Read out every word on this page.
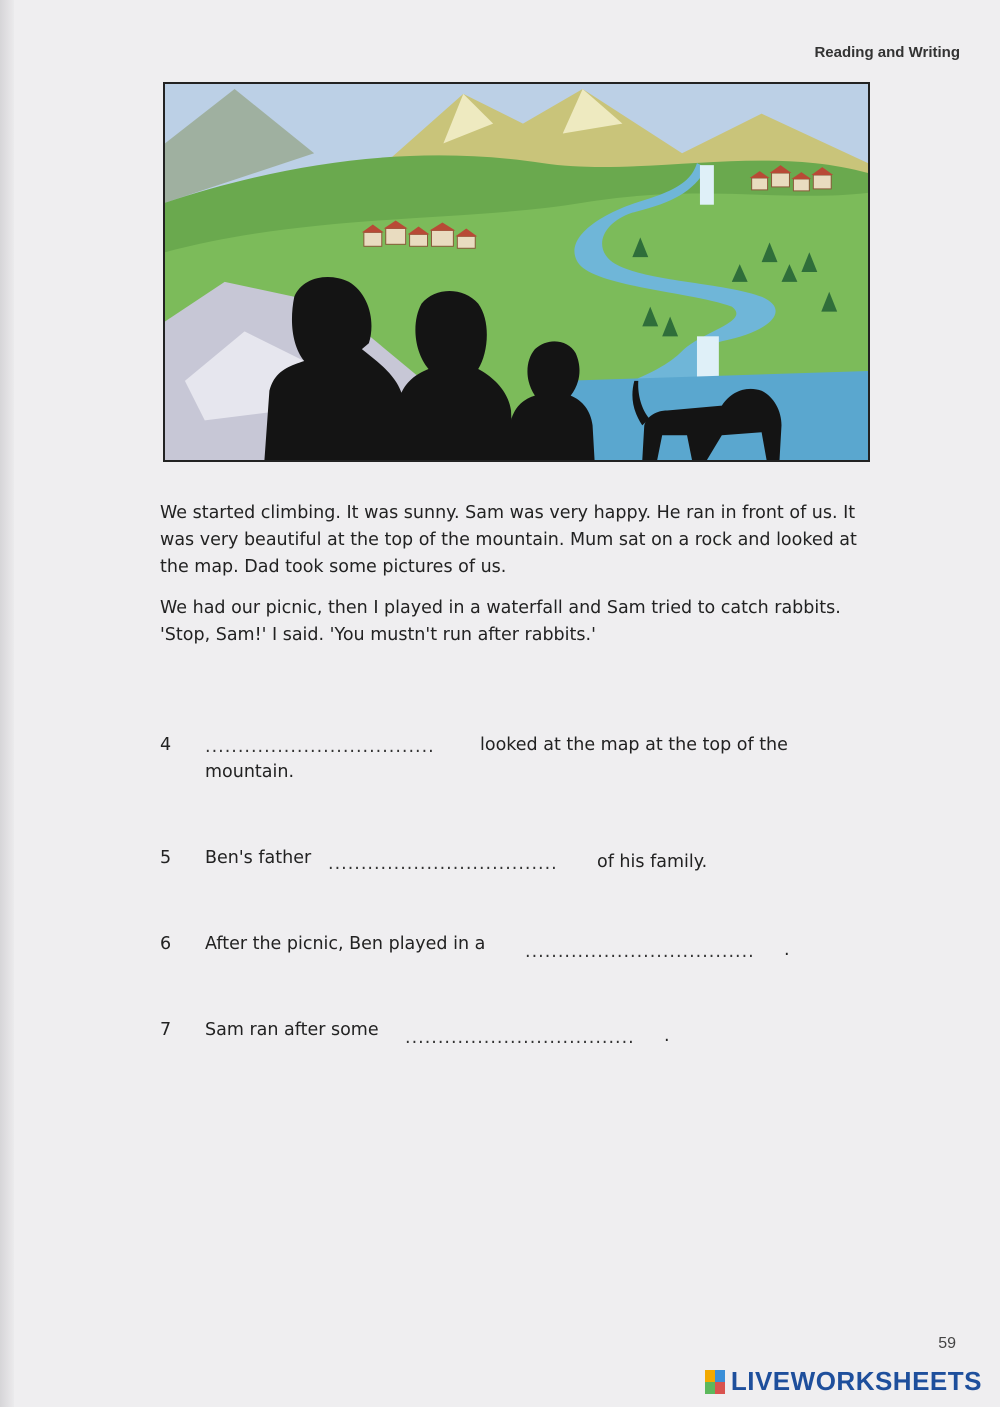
Reading and Writing

We started climbing. It was sunny. Sam was very happy. He ran in front of us. It was very beautiful at the top of the mountain. Mum sat on a rock and looked at the map. Dad took some pictures of us.

We had our picnic, then I played in a waterfall and Sam tried to catch rabbits. 'Stop, Sam!' I said. 'You mustn't run after rabbits.'

4 ...................................	looked at the map at the top of the
mountain.
5 Ben's father ................................... of his family.
6 After the picnic, Ben played in a ................................... .
7 Sam ran after some ................................... .
59
LIVEWORKSHEETS
